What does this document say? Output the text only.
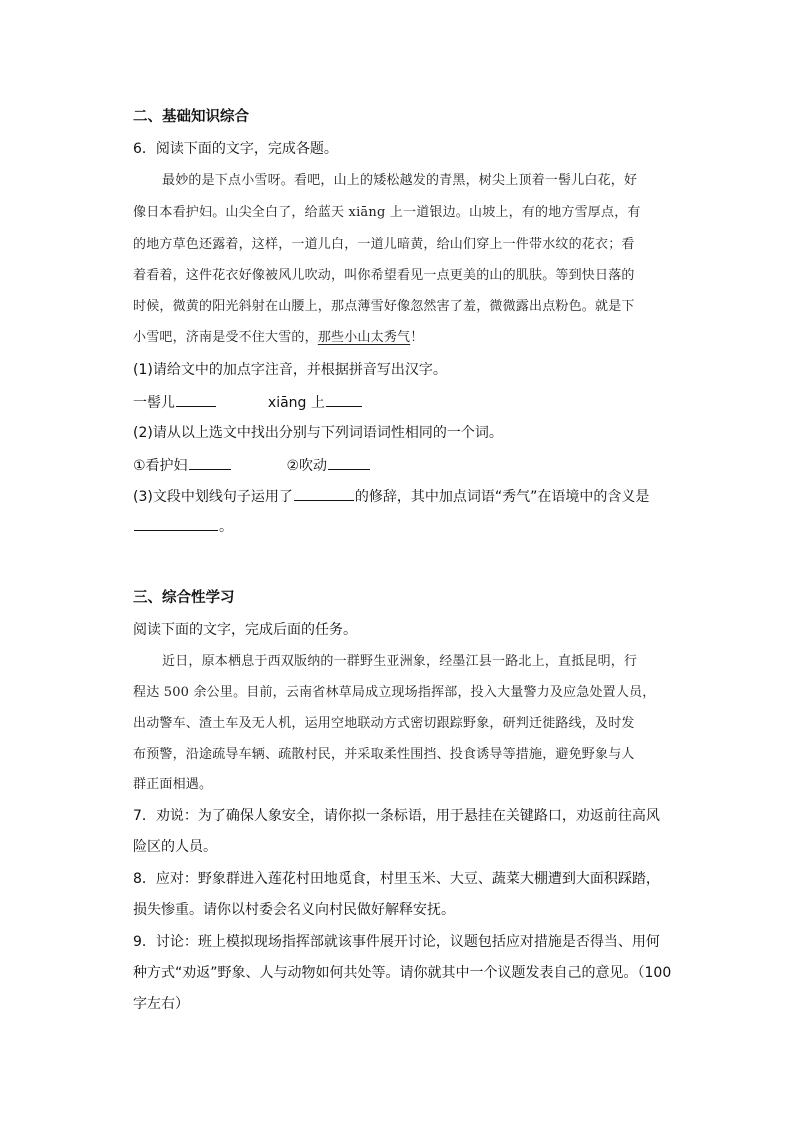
二、基础知识综合
6．阅读下面的文字，完成各题。
最妙的是下点小雪呀。看吧，山上的矮松越发的青黑，树尖上顶着一髻儿白花，好
像日本看护妇。山尖全白了，给蓝天 xiāng 上一道银边。山坡上，有的地方雪厚点，有
的地方草色还露着，这样，一道儿白，一道儿暗黄，给山们穿上一件带水纹的花衣；看
着看着，这件花衣好像被风儿吹动，叫你希望看见一点更美的山的肌肤。等到快日落的
时候，微黄的阳光斜射在山腰上，那点薄雪好像忽然害了羞，微微露出点粉色。就是下
小雪吧，济南是受不住大雪的，那些小山太秀气！
(1)请给文中的加点字注音，并根据拼音写出汉字。
一髻儿	xiāng 上
(2)请从以上选文中找出分别与下列词语词性相同的一个词。
①看护妇	②吹动
(3)文段中划线句子运用了	的修辞，其中加点词语“秀气”在语境中的含义是
。
三、综合性学习
阅读下面的文字，完成后面的任务。
近日，原本栖息于西双版纳的一群野生亚洲象，经墨江县一路北上，直抵昆明，行
程达 500 余公里。目前，云南省林草局成立现场指挥部，投入大量警力及应急处置人员，
出动警车、渣土车及无人机，运用空地联动方式密切跟踪野象，研判迁徙路线，及时发
布预警，沿途疏导车辆、疏散村民，并采取柔性围挡、投食诱导等措施，避免野象与人
群正面相遇。
7．劝说：为了确保人象安全，请你拟一条标语，用于悬挂在关键路口，劝返前往高风
险区的人员。
8．应对：野象群进入莲花村田地觅食，村里玉米、大豆、蔬菜大棚遭到大面积踩踏，
损失惨重。请你以村委会名义向村民做好解释安抚。
9．讨论：班上模拟现场指挥部就该事件展开讨论，议题包括应对措施是否得当、用何
种方式“劝返”野象、人与动物如何共处等。请你就其中一个议题发表自己的意见。（100
字左右）
